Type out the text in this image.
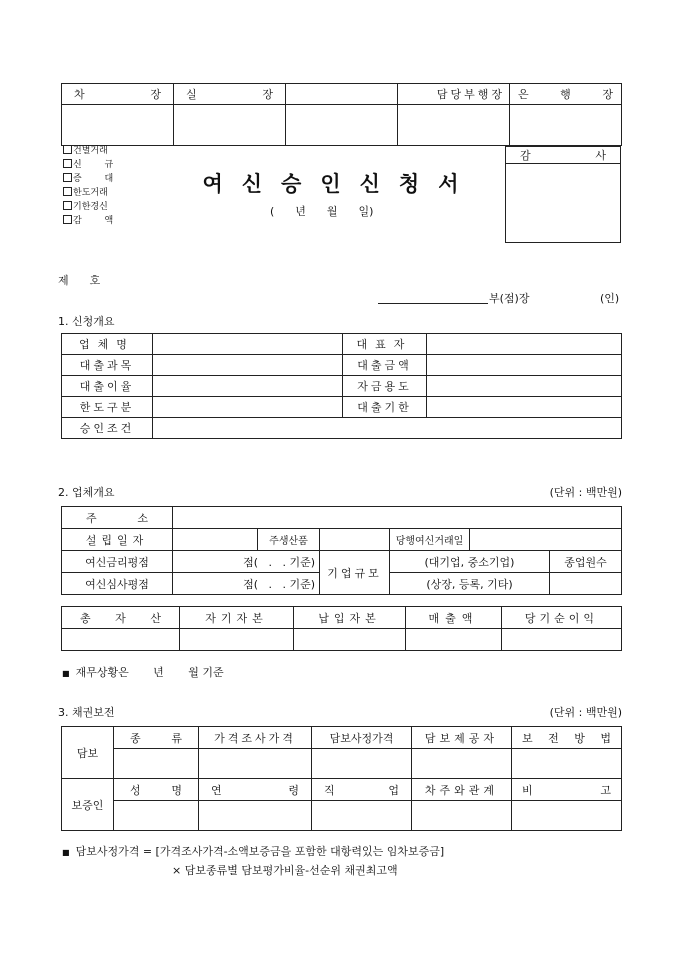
차 장	실 장		담당부행장	은 행 장

건별거래
신 규
증 대
한도거래
기한경신
감 액
여신승인신청서
(      년      월      일)
감	사

제      호
부(점)장	(인)
1. 신청개요
업체명		대표자	
대출과목		대출금액	
대출이율		자금용도	
한도구분		대출기한	
승인조건			
2. 업체개요	(단위 : 백만원)
주 소						

설립일자		주생산품		당행여신거래일		
여신금리평점	점(   .   . 기준)		기업규모	(대기업, 중소기업)		종업원수
여신심사평점	점(   .   . 기준)			(상장, 등록, 기타)		
총 자 산	자기자본	납입자본	매출액	당기순이익

■ 재무상황은       년       월 기준
3. 채권보전	(단위 : 백만원)
담보	종 류	가격조사가격	담보사정가격	담보제공자	보 전 방 법

보증인	성 명	연 령	직 업	차주와관계	비 고

■ 담보사정가격 = [가격조사가격-소액보증금을 포함한 대항력있는 임차보증금]
× 담보종류별 담보평가비율-선순위 채권최고액
